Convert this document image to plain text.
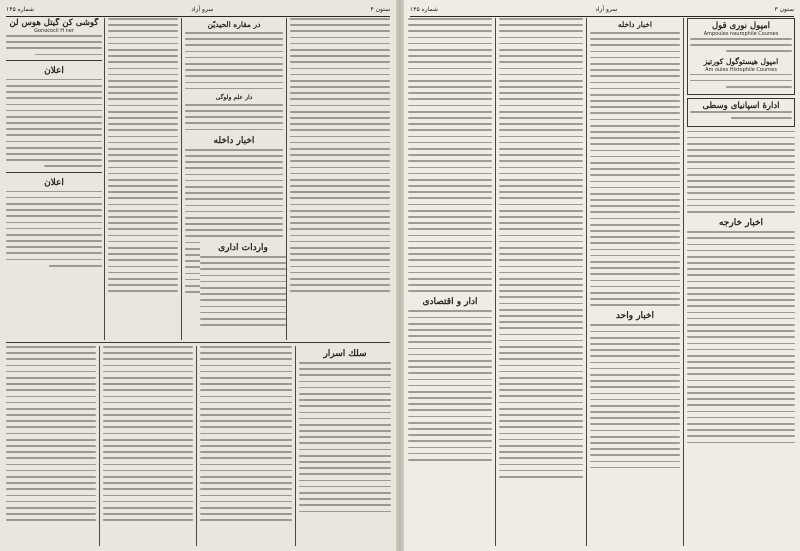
شماره ۱۴۵	سرو آزاد	ستون ۴
گوشی کن گیتل هوس لن
Gonococil H ner
اعلان
اعلان
در مقاره الحیدیّن
دار علم ولوگی
اخبار داخله
سلك اسرار
واردات ادارى
شماره ۱۴۵	سرو آزاد	ستون ۳
ادار و اقتصادى
اخبار داخله
اخبار واحد
امپول نورى قول
Ampoules neurophile Courses
امپول هیستوگول کورتیز
Am oules Histophile Cournes
ادارهٔ اسپانیای وسطى
اخبار خارجه
